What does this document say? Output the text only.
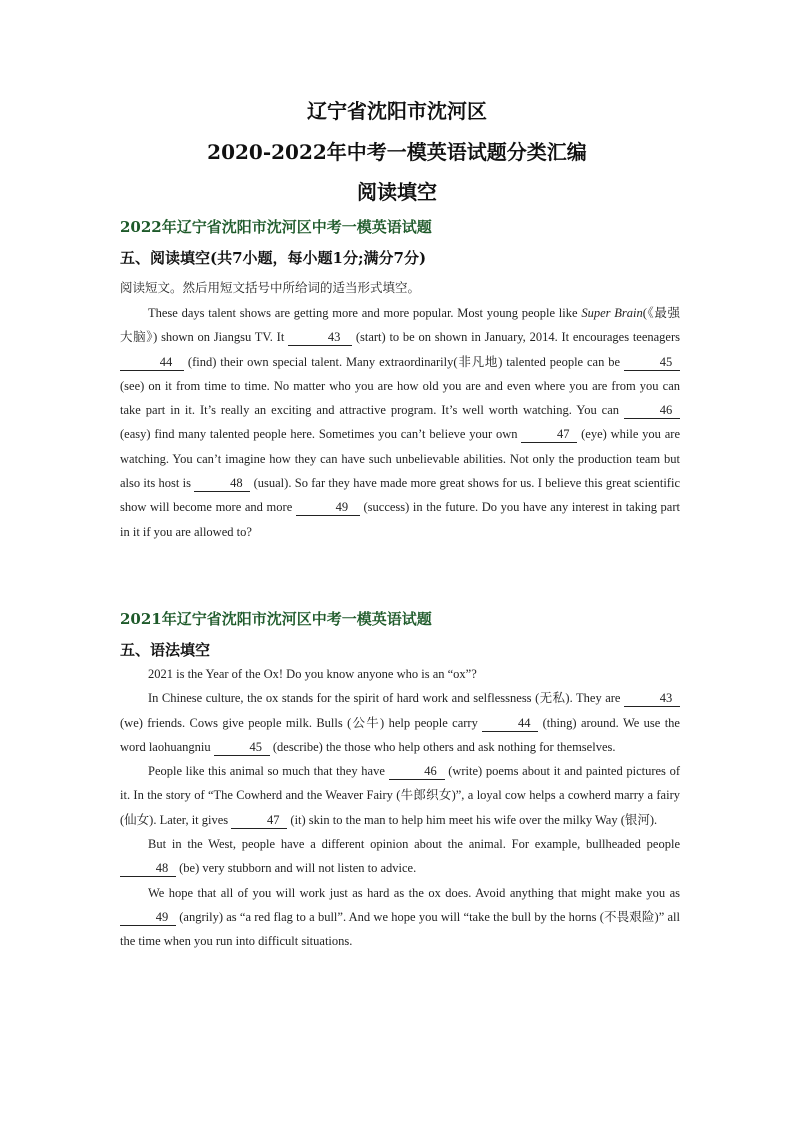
辽宁省沈阳市沈河区
2020-2022年中考一模英语试题分类汇编
阅读填空
2022年辽宁省沈阳市沈河区中考一模英语试题
五、阅读填空(共7小题，每小题1分;满分7分)
阅读短文。然后用短文括号中所给词的适当形式填空。

These days talent shows are getting more and more popular. Most young people like Super Brain(《最强大脑》) shown on Jiangsu TV. It	43 (start) to be on shown in January, 2014. It encourages teenagers 44 (find) their own special talent. Many extraordinarily(非凡地) talented people can be	45 (see) on it from time to time. No matter who you are how old you are and even where you are from you can take part in it. It’s really an exciting and attractive program. It’s well worth watching. You can	46 (easy) find many talented people here. Sometimes you can’t believe your own	47 (eye) while you are watching. You can’t imagine how they can have such unbelievable abilities. Not only the production team but also its host is	48 (usual). So far they have made more great shows for us. I believe this great scientific show will become more and more	49 (success) in the future. Do you have any interest in taking part in it if you are allowed to?

2021年辽宁省沈阳市沈河区中考一模英语试题
五、语法填空

2021 is the Year of the Ox! Do you know anyone who is an “ox”?

In Chinese culture, the ox stands for the spirit of hard work and selflessness (无私). They are	43 (we) friends. Cows give people milk. Bulls (公牛) help people carry	44 (thing) around. We use the word laohuangniu	45 (describe) the those who help others and ask nothing for themselves.

People like this animal so much that they have	46 (write) poems about it and painted pictures of it. In the story of “The Cowherd and the Weaver Fairy (牛郎织女)”, a loyal cow helps a cowherd marry a fairy (仙女). Later, it gives	47 (it) skin to the man to help him meet his wife over the milky Way (银河).

But in the West, people have a different opinion about the animal. For example, bullheaded people 48 (be) very stubborn and will not listen to advice.

We hope that all of you will work just as hard as the ox does. Avoid anything that might make you as 49 (angrily) as “a red flag to a bull”. And we hope you will “take the bull by the horns (不畏艰险)” all the time when you run into difficult situations.
